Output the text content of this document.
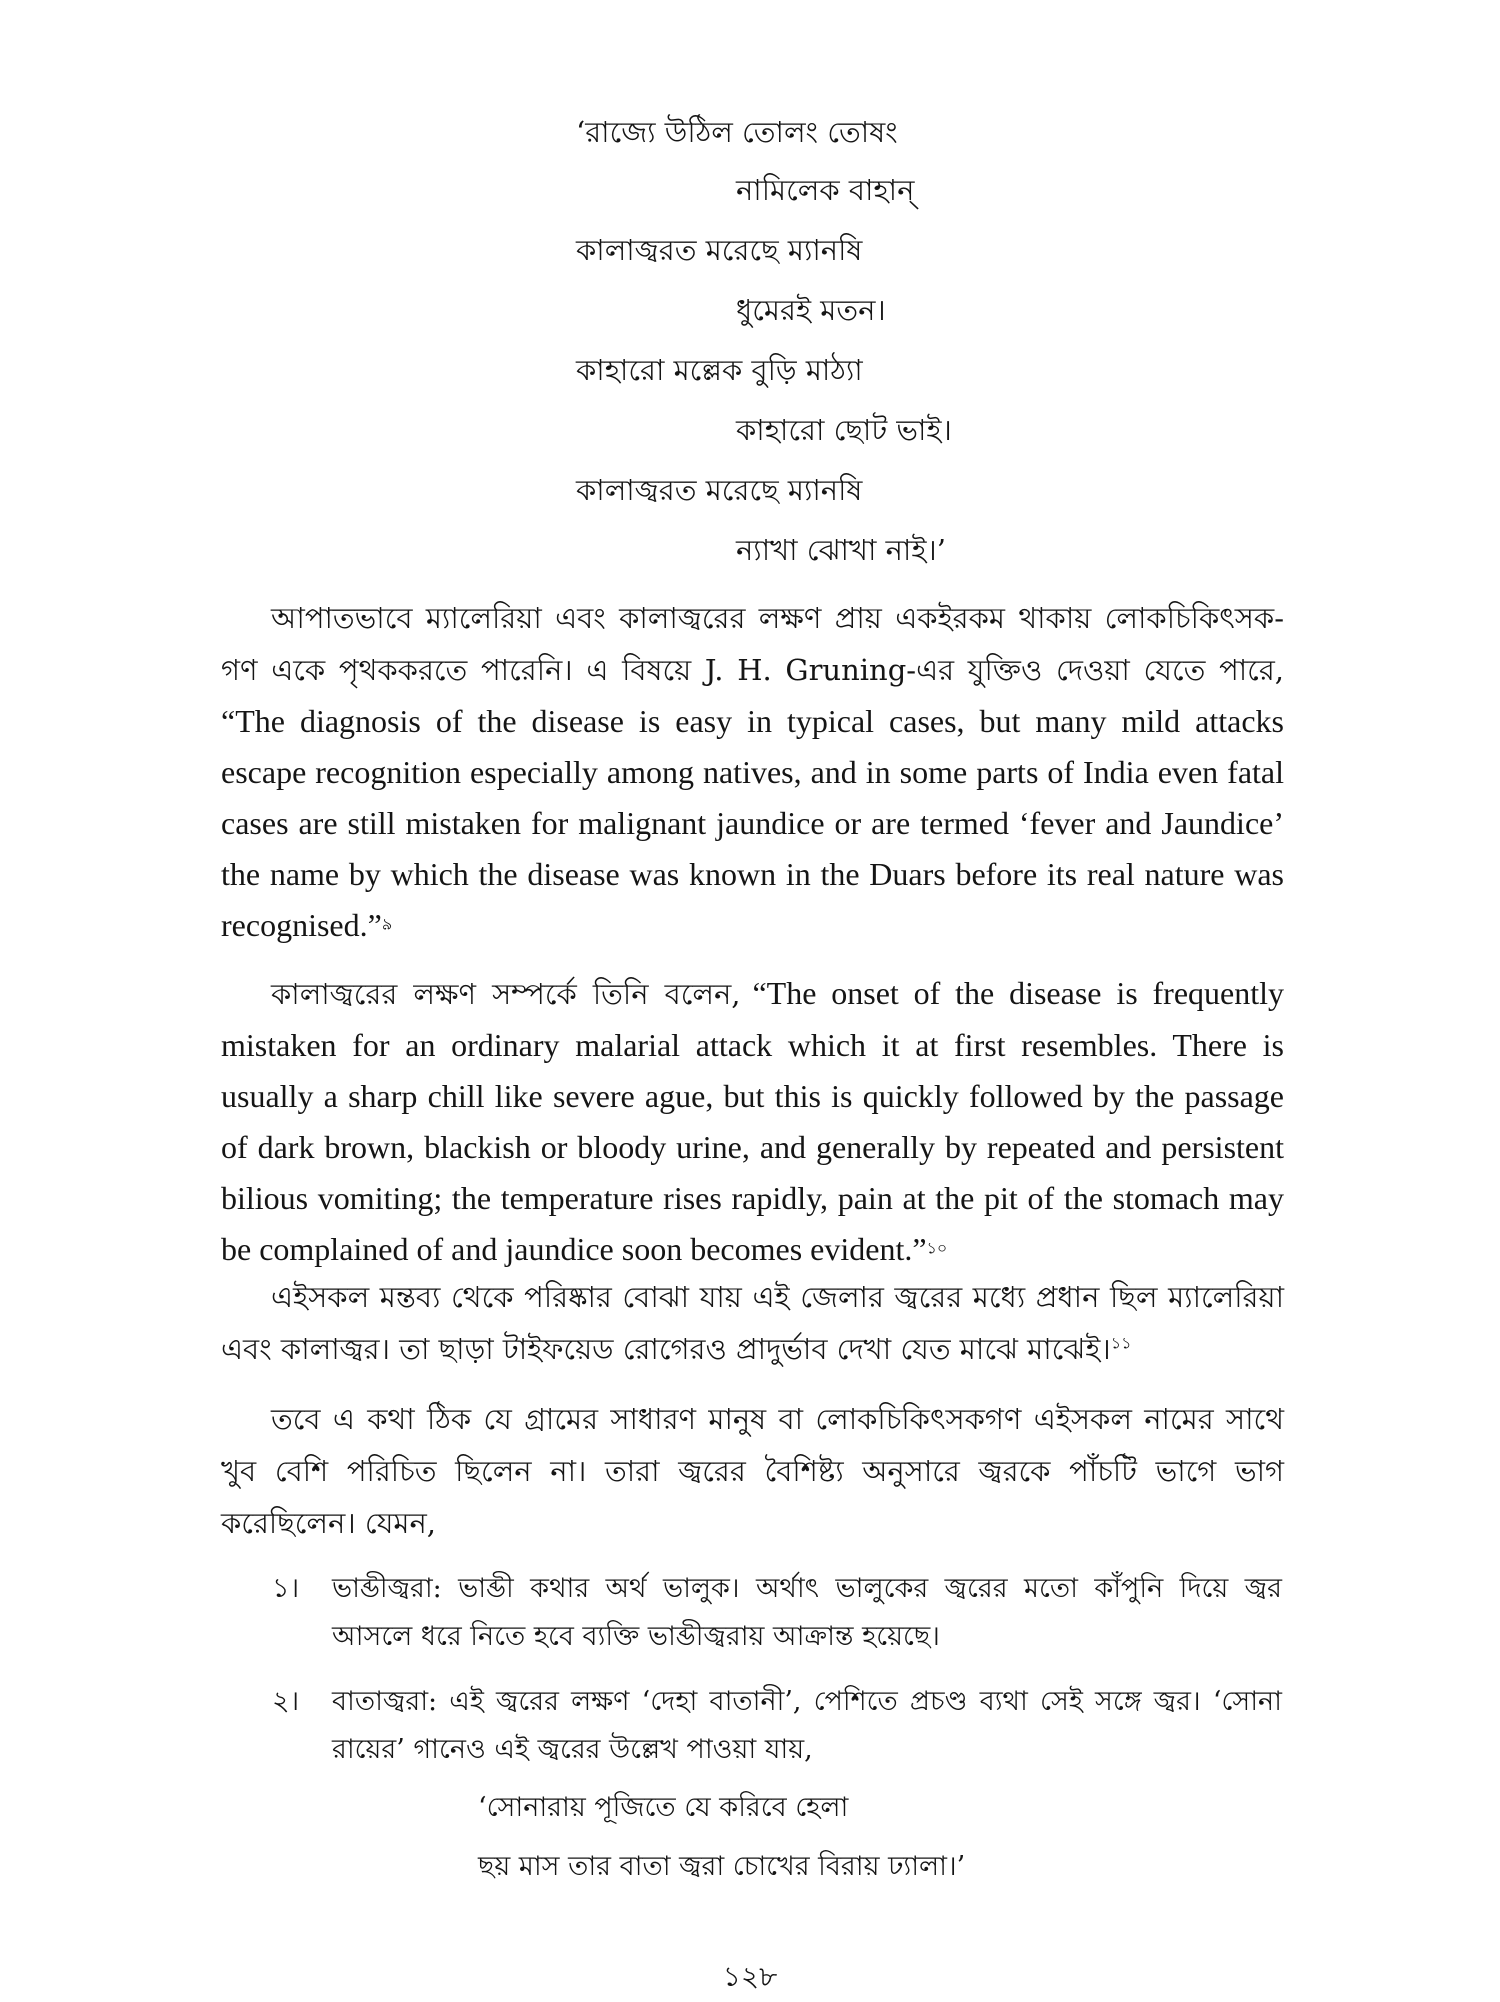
‘রাজ্যে উঠিল তোলং তোষং
নামিলেক বাহান্
কালাজ্বরত মরেছে ম্যানষি
ধুমেরই মতন।
কাহারো মল্লেক বুড়ি মাঠ্যা
কাহারো ছোট ভাই।
কালাজ্বরত মরেছে ম্যানষি
ন্যাখা ঝোখা নাই।’

আপাতভাবে ম্যালেরিয়া এবং কালাজ্বরের লক্ষণ প্রায় একইরকম থাকায় লোকচিকিৎসক-গণ একে পৃথককরতে পারেনি। এ বিষয়ে J. H. Gruning-এর যুক্তিও দেওয়া যেতে পারে, “The diagnosis of the disease is easy in typical cases, but many mild attacks escape recognition especially among natives, and in some parts of India even fatal cases are still mistaken for malignant jaundice or are termed ‘fever and Jaundice’ the name by which the disease was known in the Duars before its real nature was recognised.”৯

কালাজ্বরের লক্ষণ সম্পর্কে তিনি বলেন, “The onset of the disease is frequently mistaken for an ordinary malarial attack which it at first resembles. There is usually a sharp chill like severe ague, but this is quickly followed by the passage of dark brown, blackish or bloody urine, and generally by repeated and persistent bilious vomiting; the temperature rises rapidly, pain at the pit of the stomach may be complained of and jaundice soon becomes evident.”১০

এইসকল মন্তব্য থেকে পরিষ্কার বোঝা যায় এই জেলার জ্বরের মধ্যে প্রধান ছিল ম্যালেরিয়া এবং কালাজ্বর। তা ছাড়া টাইফয়েড রোগেরও প্রাদুর্ভাব দেখা যেত মাঝে মাঝেই।$^{১১}$

তবে এ কথা ঠিক যে গ্রামের সাধারণ মানুষ বা লোকচিকিৎসকগণ এইসকল নামের সাথে খুব বেশি পরিচিত ছিলেন না। তারা জ্বরের বৈশিষ্ট্য অনুসারে জ্বরকে পাঁচটি ভাগে ভাগ করেছিলেন। যেমন,

১।	ভাব্ডীজ্বরা: ভাব্ডী কথার অর্থ ভালুক। অর্থাৎ ভালুকের জ্বরের মতো কাঁপুনি দিয়ে জ্বর আসলে ধরে নিতে হবে ব্যক্তি ভাব্ডীজ্বরায় আক্রান্ত হয়েছে।
২।	বাতাজ্বরা: এই জ্বরের লক্ষণ ‘দেহা বাতানী’, পেশিতে প্রচণ্ড ব্যথা সেই সঙ্গে জ্বর। ‘সোনা রায়ের’ গানেও এই জ্বরের উল্লেখ পাওয়া যায়,
‘সোনারায় পূজিতে যে করিবে হেলা
ছয় মাস তার বাতা জ্বরা চোখের বিরায় ঢ্যালা।’
১২৮
